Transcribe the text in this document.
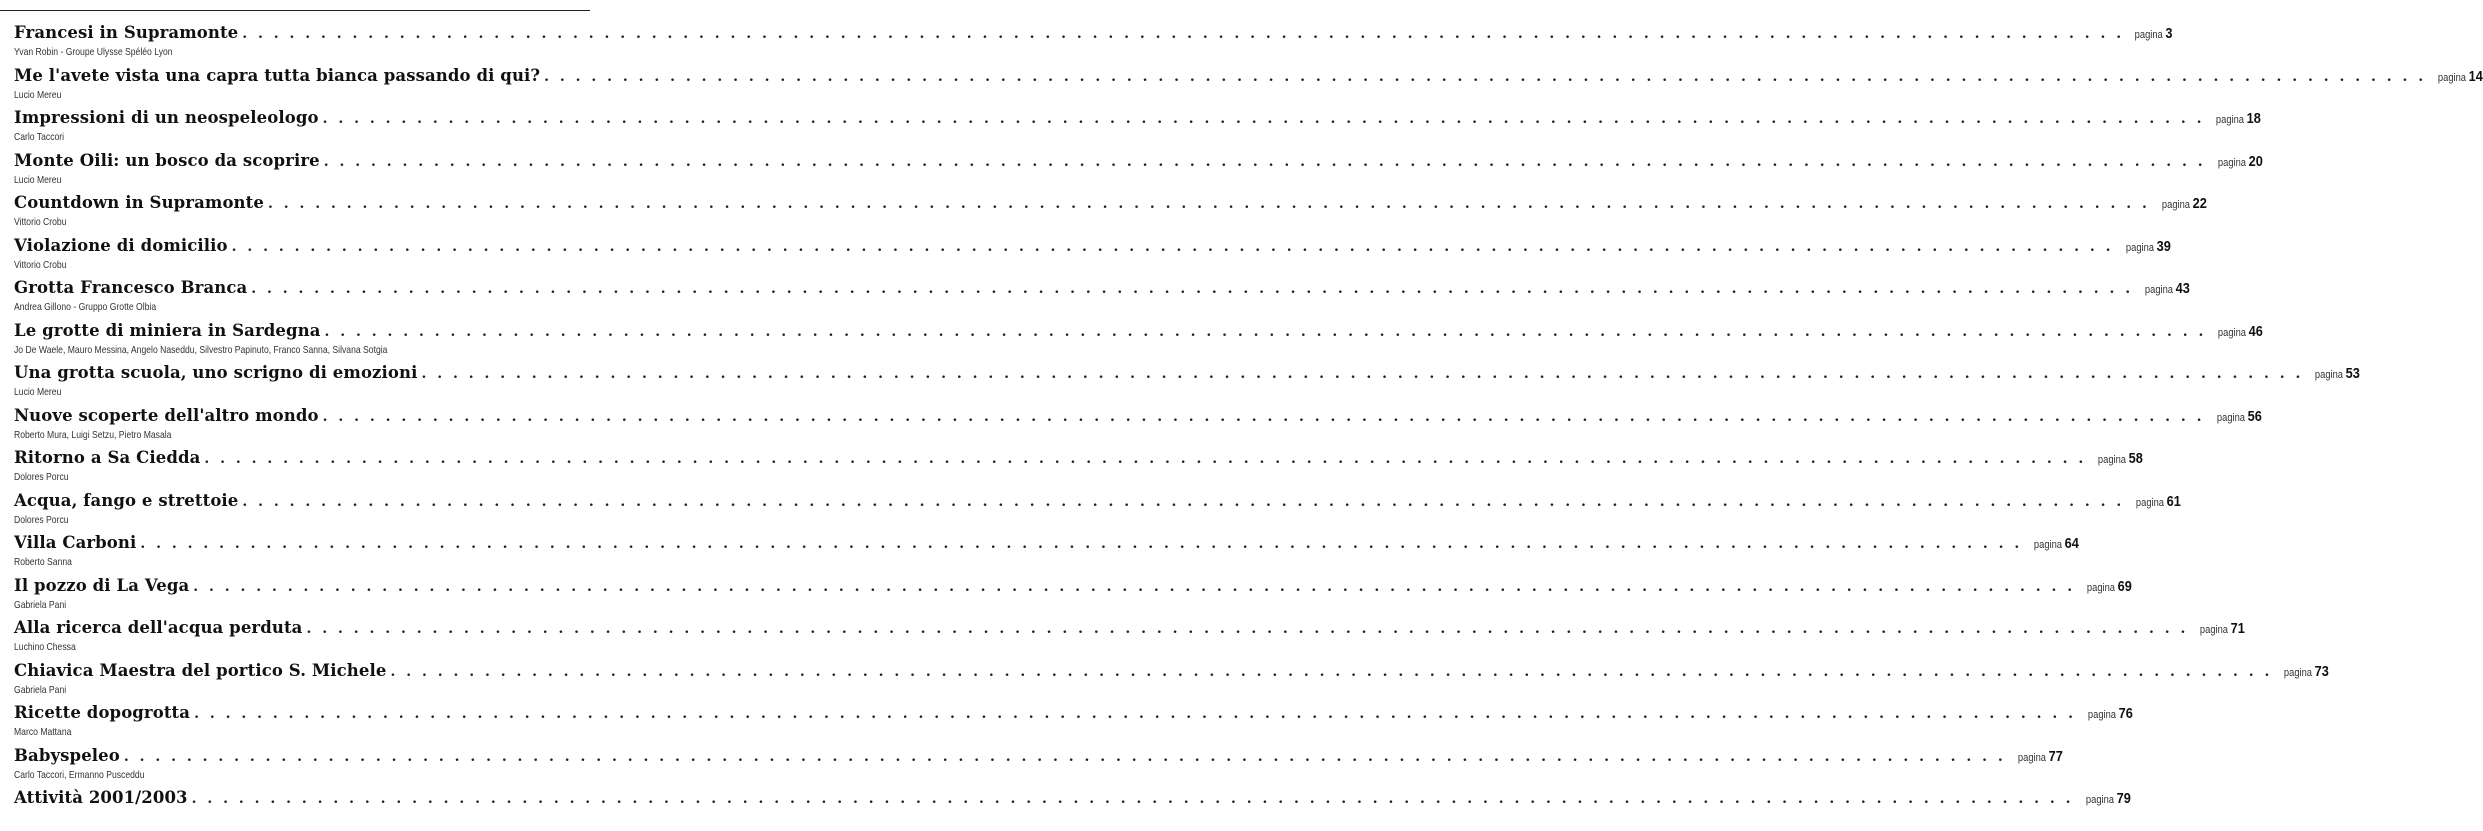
Francesi in Supramonte . . . . . . . . . . . . . . . . . . . . . . . . . . . . . . . . . . . . . . . . . . . . . . . . . . . . . . . . . . . . . . . . . . . . . . . . . . . . . . . . . . . . . . . . . . . . . . . . . . . . . . . . . . . . . . . . . . . . . . . . pagina 3
Yvan Robin - Groupe Ulysse Spéléo Lyon
Me l'avete vista una capra tutta bianca passando di qui? . . . . . . . . . . . . . . . . . . . . . . . . . . . . . . . . . . . . . . . . . . . . . . . . . . . . . . . . . . . . . . . . . . . . . . . . . . . . . . . . . . . . . . . . . . . . . . . . . . . . . . . . . . . . . . . . . . . . . . . .	pagina 14
Lucio Mereu
Impressioni di un neospeleologo . . . . . . . . . . . . . . . . . . . . . . . . . . . . . . . . . . . . . . . . . . . . . . . . . . . . . . . . . . . . . . . . . . . . . . . . . . . . . . . . . . . . . . . . . . . . . . . . . . . . . . . . . . . . . . . . . . . . . . . .	pagina 18
Carlo Taccori
Monte Oili: un bosco da scoprire . . . . . . . . . . . . . . . . . . . . . . . . . . . . . . . . . . . . . . . . . . . . . . . . . . . . . . . . . . . . . . . . . . . . . . . . . . . . . . . . . . . . . . . . . . . . . . . . . . . . . . . . . . . . . . . . . . . . . . . .	pagina 20
Lucio Mereu
Countdown in Supramonte . . . . . . . . . . . . . . . . . . . . . . . . . . . . . . . . . . . . . . . . . . . . . . . . . . . . . . . . . . . . . . . . . . . . . . . . . . . . . . . . . . . . . . . . . . . . . . . . . . . . . . . . . . . . . . . . . . . . . . . .	pagina 22
Vittorio Crobu
Violazione di domicilio . . . . . . . . . . . . . . . . . . . . . . . . . . . . . . . . . . . . . . . . . . . . . . . . . . . . . . . . . . . . . . . . . . . . . . . . . . . . . . . . . . . . . . . . . . . . . . . . . . . . . . . . . . . . . . . . . . . . . . . .	pagina 39
Vittorio Crobu
Grotta Francesco Branca . . . . . . . . . . . . . . . . . . . . . . . . . . . . . . . . . . . . . . . . . . . . . . . . . . . . . . . . . . . . . . . . . . . . . . . . . . . . . . . . . . . . . . . . . . . . . . . . . . . . . . . . . . . . . . . . . . . . . . . .	pagina 43
Andrea Gillono - Gruppo Grotte Olbia
Le grotte di miniera in Sardegna . . . . . . . . . . . . . . . . . . . . . . . . . . . . . . . . . . . . . . . . . . . . . . . . . . . . . . . . . . . . . . . . . . . . . . . . . . . . . . . . . . . . . . . . . . . . . . . . . . . . . . . . . . . . . . . . . . . . . . . .	pagina 46
Jo De Waele, Mauro Messina, Angelo Naseddu, Silvestro Papinuto, Franco Sanna, Silvana Sotgia
Una grotta scuola, uno scrigno di emozioni . . . . . . . . . . . . . . . . . . . . . . . . . . . . . . . . . . . . . . . . . . . . . . . . . . . . . . . . . . . . . . . . . . . . . . . . . . . . . . . . . . . . . . . . . . . . . . . . . . . . . . . . . . . . . . . . . . . . . . . .	pagina 53
Lucio Mereu
Nuove scoperte dell'altro mondo . . . . . . . . . . . . . . . . . . . . . . . . . . . . . . . . . . . . . . . . . . . . . . . . . . . . . . . . . . . . . . . . . . . . . . . . . . . . . . . . . . . . . . . . . . . . . . . . . . . . . . . . . . . . . . . . . . . . . . . .	pagina 56
Roberto Mura, Luigi Setzu, Pietro Masala
Ritorno a Sa Ciedda . . . . . . . . . . . . . . . . . . . . . . . . . . . . . . . . . . . . . . . . . . . . . . . . . . . . . . . . . . . . . . . . . . . . . . . . . . . . . . . . . . . . . . . . . . . . . . . . . . . . . . . . . . . . . . . . . . . . . . . .	pagina 58
Dolores Porcu
Acqua, fango e strettoie . . . . . . . . . . . . . . . . . . . . . . . . . . . . . . . . . . . . . . . . . . . . . . . . . . . . . . . . . . . . . . . . . . . . . . . . . . . . . . . . . . . . . . . . . . . . . . . . . . . . . . . . . . . . . . . . . . . . . . . .	pagina 61
Dolores Porcu
Villa Carboni . . . . . . . . . . . . . . . . . . . . . . . . . . . . . . . . . . . . . . . . . . . . . . . . . . . . . . . . . . . . . . . . . . . . . . . . . . . . . . . . . . . . . . . . . . . . . . . . . . . . . . . . . . . . . . . . . . . . . . . .	pagina 64
Roberto Sanna
Il pozzo di La Vega . . . . . . . . . . . . . . . . . . . . . . . . . . . . . . . . . . . . . . . . . . . . . . . . . . . . . . . . . . . . . . . . . . . . . . . . . . . . . . . . . . . . . . . . . . . . . . . . . . . . . . . . . . . . . . . . . . . . . . . .	pagina 69
Gabriela Pani
Alla ricerca dell'acqua perduta . . . . . . . . . . . . . . . . . . . . . . . . . . . . . . . . . . . . . . . . . . . . . . . . . . . . . . . . . . . . . . . . . . . . . . . . . . . . . . . . . . . . . . . . . . . . . . . . . . . . . . . . . . . . . . . . . . . . . . . .	pagina 71
Luchino Chessa
Chiavica Maestra del portico S. Michele . . . . . . . . . . . . . . . . . . . . . . . . . . . . . . . . . . . . . . . . . . . . . . . . . . . . . . . . . . . . . . . . . . . . . . . . . . . . . . . . . . . . . . . . . . . . . . . . . . . . . . . . . . . . . . . . . . . . . . . .	pagina 73
Gabriela Pani
Ricette dopogrotta . . . . . . . . . . . . . . . . . . . . . . . . . . . . . . . . . . . . . . . . . . . . . . . . . . . . . . . . . . . . . . . . . . . . . . . . . . . . . . . . . . . . . . . . . . . . . . . . . . . . . . . . . . . . . . . . . . . . . . . .	pagina 76
Marco Mattana
Babyspeleo . . . . . . . . . . . . . . . . . . . . . . . . . . . . . . . . . . . . . . . . . . . . . . . . . . . . . . . . . . . . . . . . . . . . . . . . . . . . . . . . . . . . . . . . . . . . . . . . . . . . . . . . . . . . . . . . . . . . . . . .	pagina 77
Carlo Taccori, Ermanno Pusceddu
Attività 2001/2003 . . . . . . . . . . . . . . . . . . . . . . . . . . . . . . . . . . . . . . . . . . . . . . . . . . . . . . . . . . . . . . . . . . . . . . . . . . . . . . . . . . . . . . . . . . . . . . . . . . . . . . . . . . . . . . . . . . . . . . . .	pagina 79
